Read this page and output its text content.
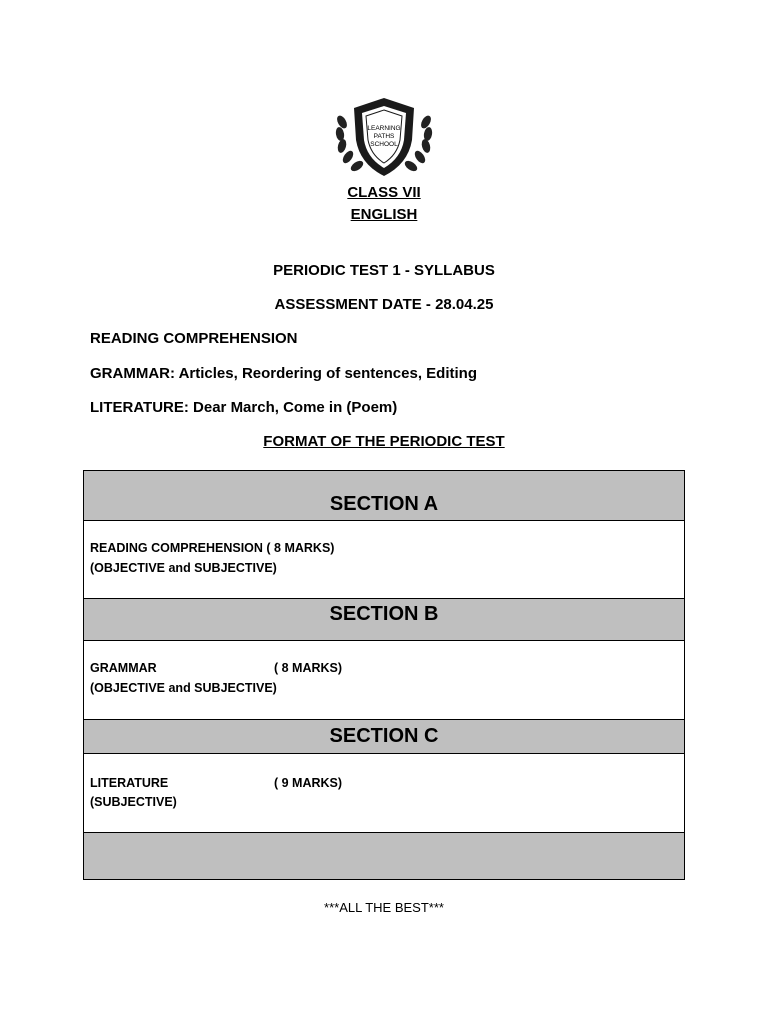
LEARNING
PATHS
SCHOOL
CLASS VII
ENGLISH
PERIODIC TEST 1 - SYLLABUS
ASSESSMENT DATE - 28.04.25
READING COMPREHENSION
GRAMMAR: Articles, Reordering of sentences, Editing
LITERATURE: Dear March, Come in (Poem)
FORMAT OF THE PERIODIC TEST
SECTION A
READING COMPREHENSION ( 8 MARKS)
(OBJECTIVE and SUBJECTIVE)
SECTION B
GRAMMAR	( 8 MARKS)
(OBJECTIVE and SUBJECTIVE)
SECTION C
LITERATURE	( 9 MARKS)
(SUBJECTIVE)
***ALL THE BEST***
